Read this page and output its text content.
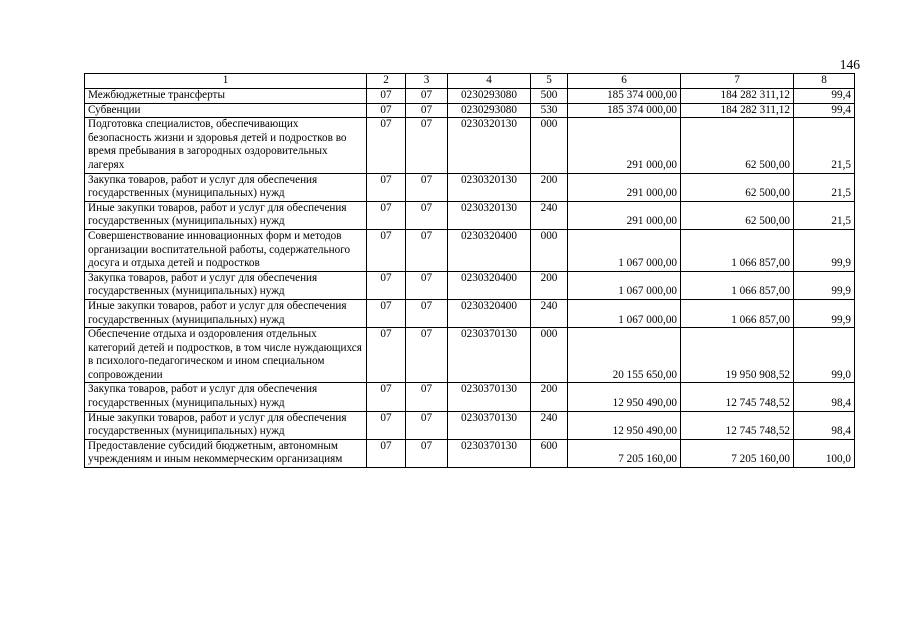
146
1	2	3	4	5	6	7	8
Межбюджетные трансферты	07	07	0230293080	500	185 374 000,00	184 282 311,12	99,4
Субвенции	07	07	0230293080	530	185 374 000,00	184 282 311,12	99,4
Подготовка специалистов, обеспечивающих безопасность жизни и здоровья детей и подростков во время пребывания в загородных оздоровительных лагерях	07	07	0230320130	000	291 000,00	62 500,00	21,5
Закупка товаров, работ и услуг для обеспечения государственных (муниципальных) нужд	07	07	0230320130	200	291 000,00	62 500,00	21,5
Иные закупки товаров, работ и услуг для обеспечения государственных (муниципальных) нужд	07	07	0230320130	240	291 000,00	62 500,00	21,5
Совершенствование инновационных форм и методов организации воспитательной работы, содержательного досуга и отдыха детей и подростков	07	07	0230320400	000	1 067 000,00	1 066 857,00	99,9
Закупка товаров, работ и услуг для обеспечения государственных (муниципальных) нужд	07	07	0230320400	200	1 067 000,00	1 066 857,00	99,9
Иные закупки товаров, работ и услуг для обеспечения государственных (муниципальных) нужд	07	07	0230320400	240	1 067 000,00	1 066 857,00	99,9
Обеспечение отдыха и оздоровления отдельных категорий детей и подростков, в том числе нуждающихся в психолого-педагогическом и ином специальном сопровождении	07	07	0230370130	000	20 155 650,00	19 950 908,52	99,0
Закупка товаров, работ и услуг для обеспечения государственных (муниципальных) нужд	07	07	0230370130	200	12 950 490,00	12 745 748,52	98,4
Иные закупки товаров, работ и услуг для обеспечения государственных (муниципальных) нужд	07	07	0230370130	240	12 950 490,00	12 745 748,52	98,4
Предоставление субсидий бюджетным, автономным учреждениям и иным некоммерческим организациям	07	07	0230370130	600	7 205 160,00	7 205 160,00	100,0
